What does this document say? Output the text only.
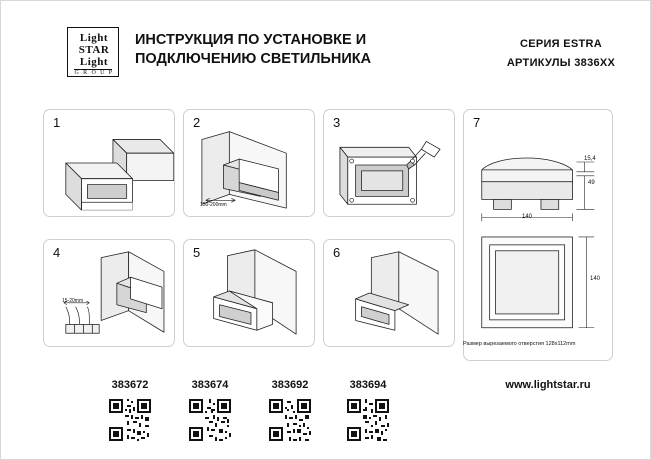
Light
STAR
Light
G R O U P
ИНСТРУКЦИЯ ПО УСТАНОВКЕ И
ПОДКЛЮЧЕНИЮ СВЕТИЛЬНИКА
СЕРИЯ ESTRA
АРТИКУЛЫ 3836XX
1	2
150-200mm
3	7
15,4
49
140
140
Размер вырезаемого отверстия 128х112mm
4
15-20mm
5	6
383672	383674	383692	383694	www.lightstar.ru
